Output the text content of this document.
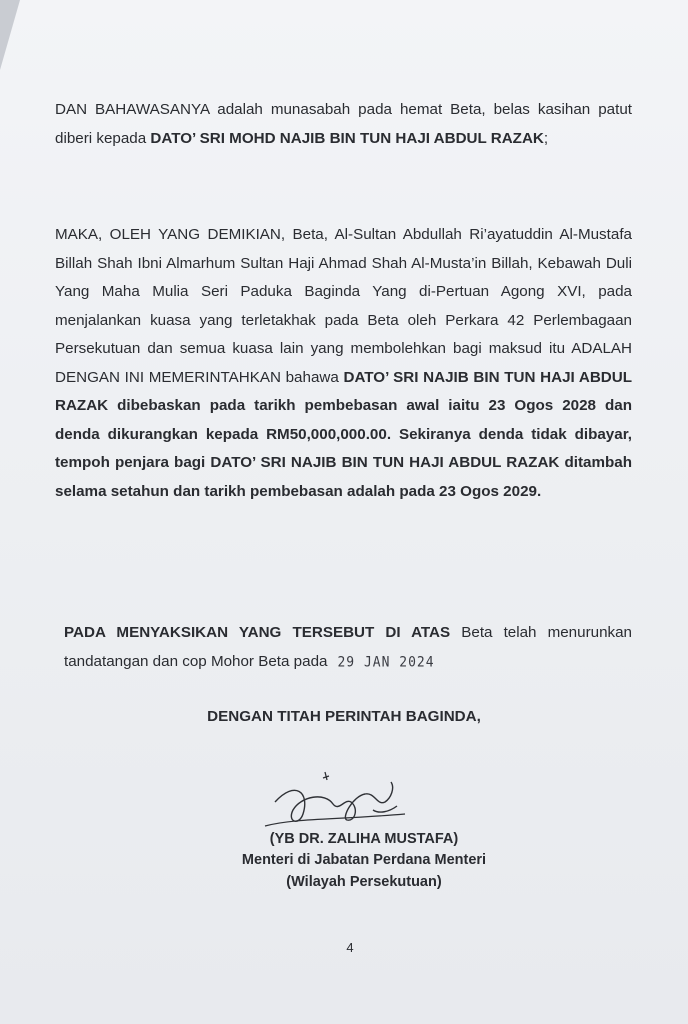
DAN BAHAWASANYA adalah munasabah pada hemat Beta, belas kasihan patut diberi kepada DATO’ SRI MOHD NAJIB BIN TUN HAJI ABDUL RAZAK;
MAKA, OLEH YANG DEMIKIAN, Beta, Al-Sultan Abdullah Ri’ayatuddin Al-Mustafa Billah Shah Ibni Almarhum Sultan Haji Ahmad Shah Al-Musta’in Billah, Kebawah Duli Yang Maha Mulia Seri Paduka Baginda Yang di-Pertuan Agong XVI, pada menjalankan kuasa yang terletakhak pada Beta oleh Perkara 42 Perlembagaan Persekutuan dan semua kuasa lain yang membolehkan bagi maksud itu ADALAH DENGAN INI MEMERINTAHKAN bahawa DATO’ SRI NAJIB BIN TUN HAJI ABDUL RAZAK dibebaskan pada tarikh pembebasan awal iaitu 23 Ogos 2028 dan denda dikurangkan kepada RM50,000,000.00. Sekiranya denda tidak dibayar, tempoh penjara bagi DATO’ SRI NAJIB BIN TUN HAJI ABDUL RAZAK ditambah selama setahun dan tarikh pembebasan adalah pada 23 Ogos 2029.
PADA MENYAKSIKAN YANG TERSEBUT DI ATAS Beta telah menurunkan tandatangan dan cop Mohor Beta pada 29 JAN 2024
DENGAN TITAH PERINTAH BAGINDA,
(YB DR. ZALIHA MUSTAFA)
Menteri di Jabatan Perdana Menteri
(Wilayah Persekutuan)
4
